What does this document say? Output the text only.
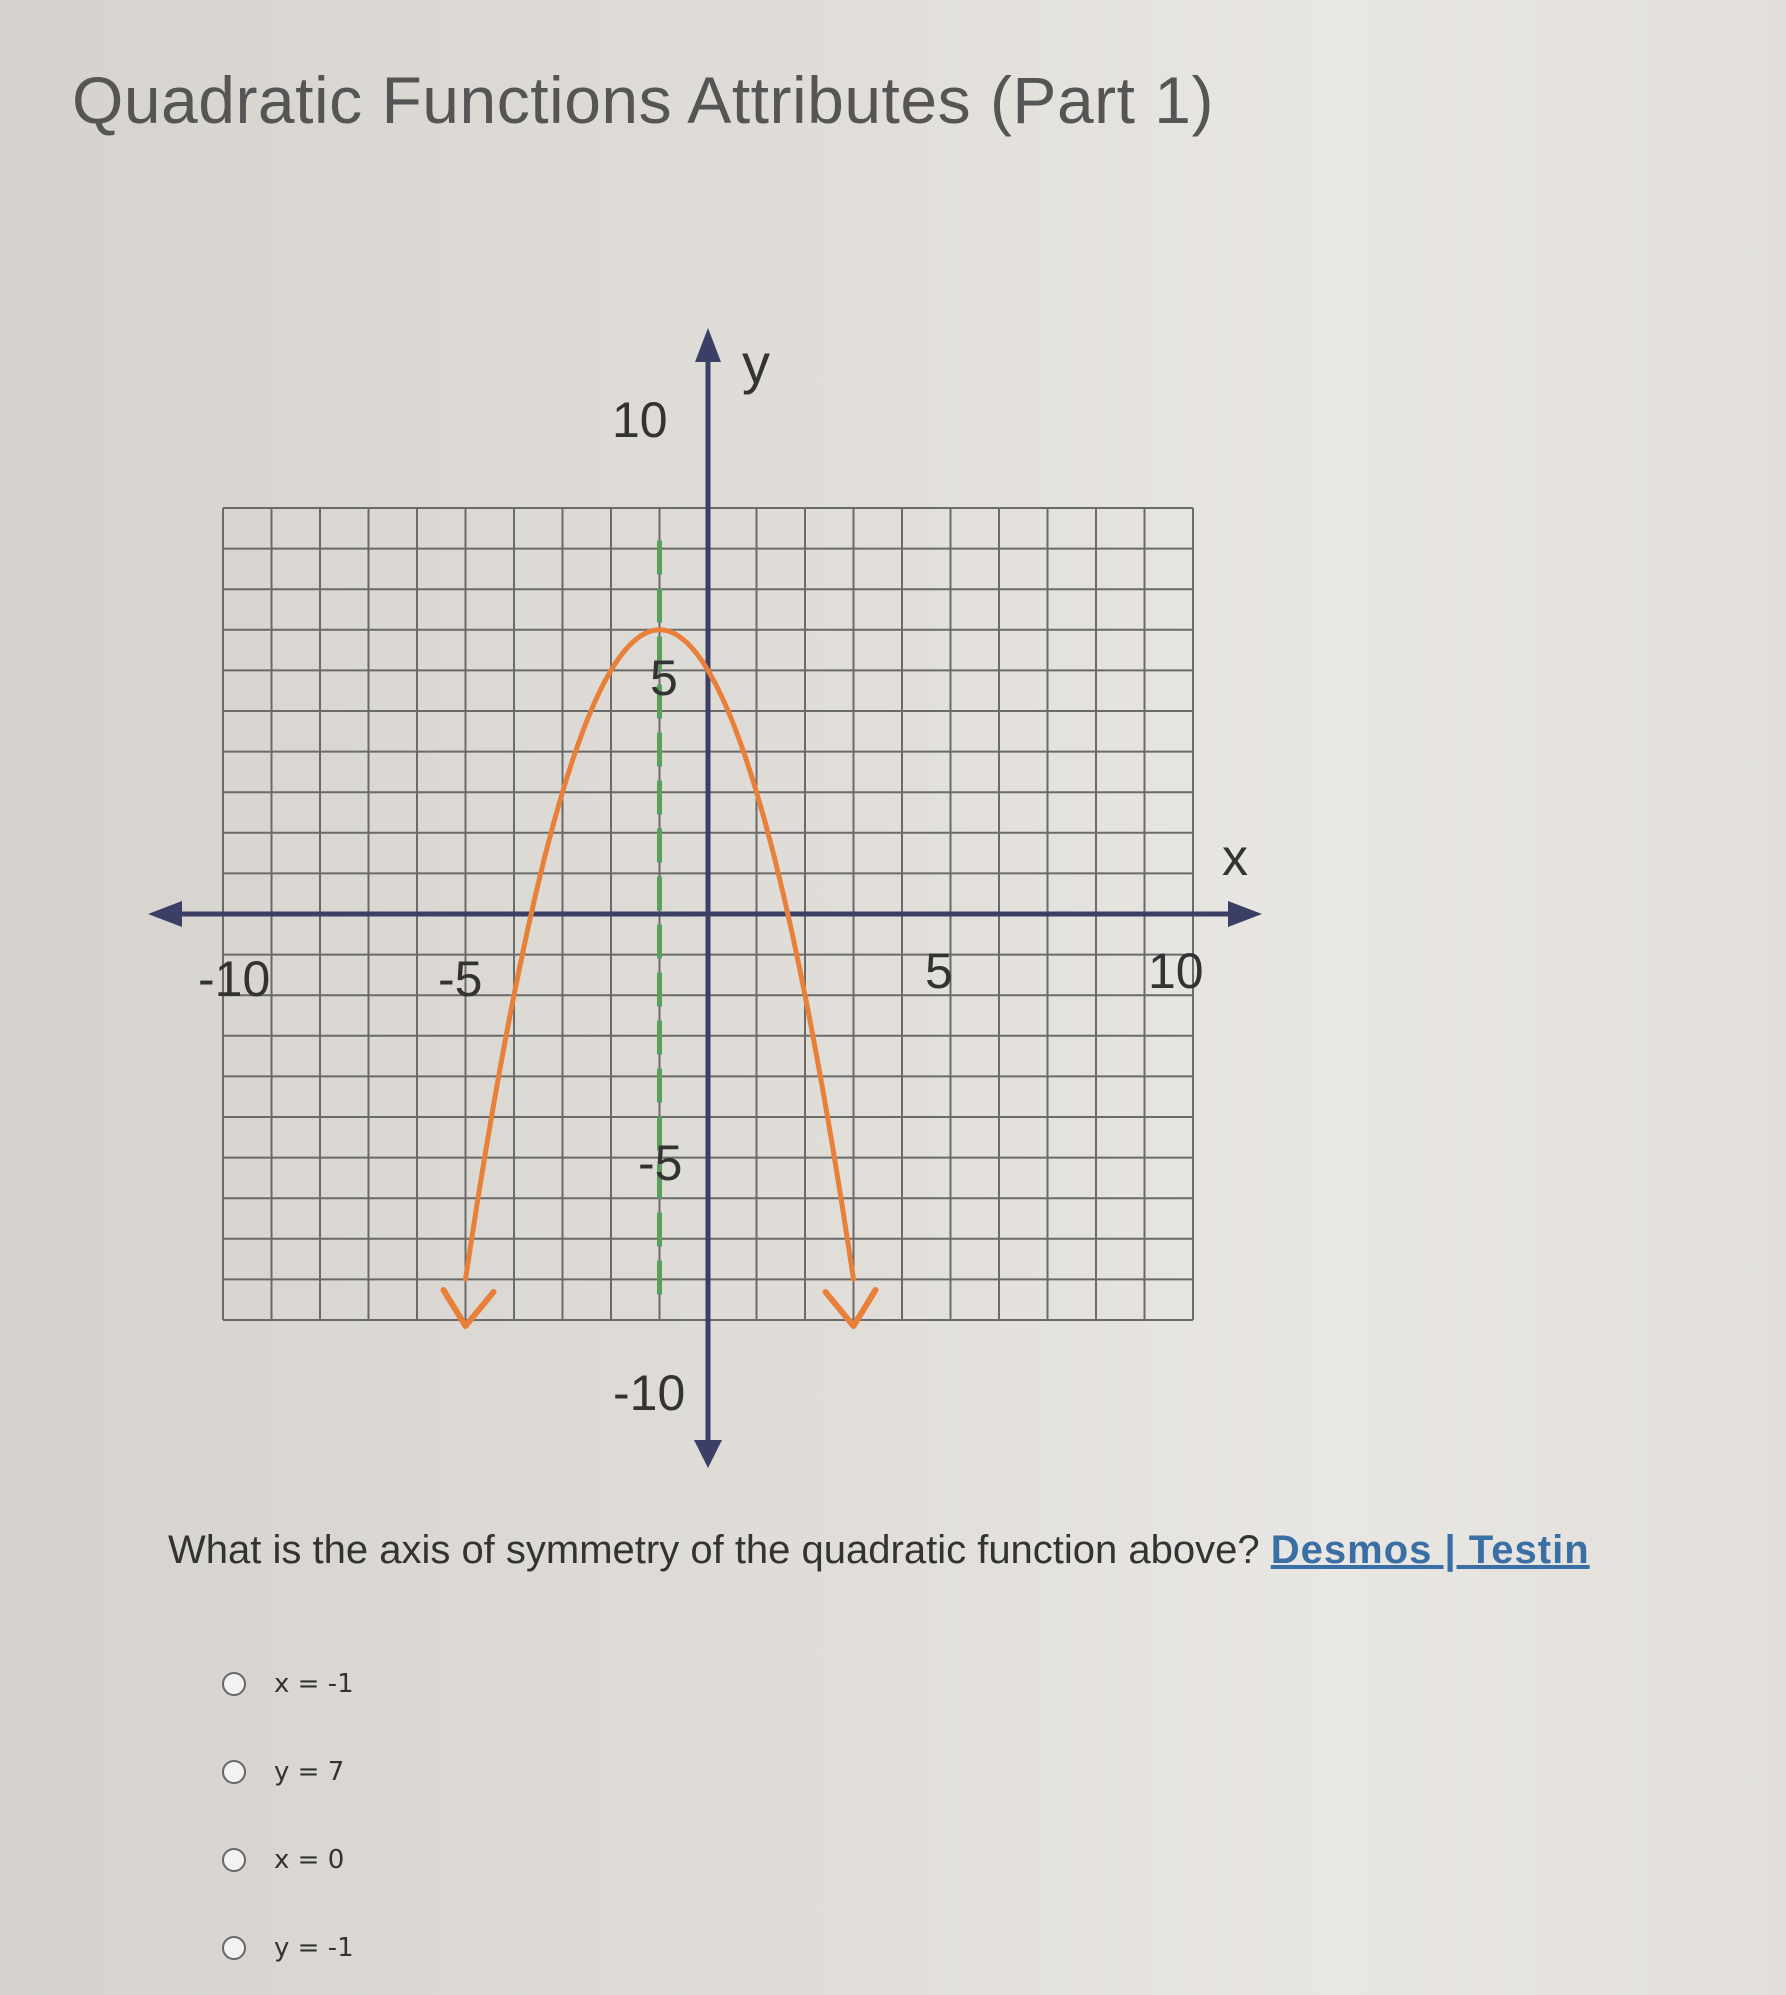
Quadratic Functions Attributes (Part 1)
y
x
10
5
-5
-10
-10	-5	5	10
What is the axis of symmetry of the quadratic function above? Desmos | Testin
x = -1
y = 7
x = 0
y = -1
